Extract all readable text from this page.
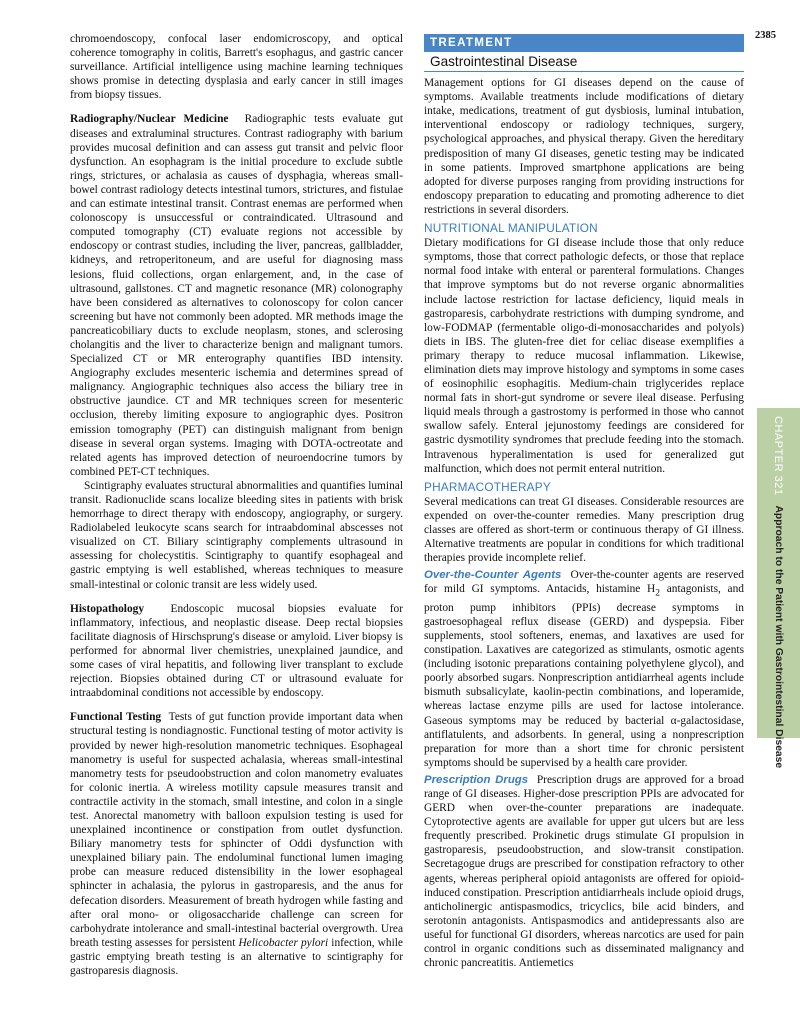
2385

chromoendoscopy, confocal laser endomicroscopy, and optical coherence tomography in colitis, Barrett's esophagus, and gastric cancer surveillance. Artificial intelligence using machine learning techniques shows promise in detecting dysplasia and early cancer in still images from biopsy tissues.

Radiography/Nuclear Medicine Radiographic tests evaluate gut diseases and extraluminal structures. Contrast radiography with barium provides mucosal definition and can assess gut transit and pelvic floor dysfunction. An esophagram is the initial procedure to exclude subtle rings, strictures, or achalasia as causes of dysphagia, whereas small-bowel contrast radiology detects intestinal tumors, strictures, and fistulae and can estimate intestinal transit. Contrast enemas are performed when colonoscopy is unsuccessful or contraindicated. Ultrasound and computed tomography (CT) evaluate regions not accessible by endoscopy or contrast studies, including the liver, pancreas, gallbladder, kidneys, and retroperitoneum, and are useful for diagnosing mass lesions, fluid collections, organ enlargement, and, in the case of ultrasound, gallstones. CT and magnetic resonance (MR) colonography have been considered as alternatives to colonoscopy for colon cancer screening but have not commonly been adopted. MR methods image the pancreaticobiliary ducts to exclude neoplasm, stones, and sclerosing cholangitis and the liver to characterize benign and malignant tumors. Specialized CT or MR enterography quantifies IBD intensity. Angiography excludes mesenteric ischemia and determines spread of malignancy. Angiographic techniques also access the biliary tree in obstructive jaundice. CT and MR techniques screen for mesenteric occlusion, thereby limiting exposure to angiographic dyes. Positron emission tomography (PET) can distinguish malignant from benign disease in several organ systems. Imaging with DOTA-octreotate and related agents has improved detection of neuroendocrine tumors by combined PET-CT techniques.

Scintigraphy evaluates structural abnormalities and quantifies luminal transit. Radionuclide scans localize bleeding sites in patients with brisk hemorrhage to direct therapy with endoscopy, angiography, or surgery. Radiolabeled leukocyte scans search for intraabdominal abscesses not visualized on CT. Biliary scintigraphy complements ultrasound in assessing for cholecystitis. Scintigraphy to quantify esophageal and gastric emptying is well established, whereas techniques to measure small-intestinal or colonic transit are less widely used.

Histopathology Endoscopic mucosal biopsies evaluate for inflammatory, infectious, and neoplastic disease. Deep rectal biopsies facilitate diagnosis of Hirschsprung's disease or amyloid. Liver biopsy is performed for abnormal liver chemistries, unexplained jaundice, and some cases of viral hepatitis, and following liver transplant to exclude rejection. Biopsies obtained during CT or ultrasound evaluate for intraabdominal conditions not accessible by endoscopy.

Functional Testing Tests of gut function provide important data when structural testing is nondiagnostic. Functional testing of motor activity is provided by newer high-resolution manometric techniques. Esophageal manometry is useful for suspected achalasia, whereas small-intestinal manometry tests for pseudoobstruction and colon manometry evaluates for colonic inertia. A wireless motility capsule measures transit and contractile activity in the stomach, small intestine, and colon in a single test. Anorectal manometry with balloon expulsion testing is used for unexplained incontinence or constipation from outlet dysfunction. Biliary manometry tests for sphincter of Oddi dysfunction with unexplained biliary pain. The endoluminal functional lumen imaging probe can measure reduced distensibility in the lower esophageal sphincter in achalasia, the pylorus in gastroparesis, and the anus for defecation disorders. Measurement of breath hydrogen while fasting and after oral mono- or oligosaccharide challenge can screen for carbohydrate intolerance and small-intestinal bacterial overgrowth. Urea breath testing assesses for persistent Helicobacter pylori infection, while gastric emptying breath testing is an alternative to scintigraphy for gastroparesis diagnosis.

TREATMENT
Gastrointestinal Disease

Management options for GI diseases depend on the cause of symptoms. Available treatments include modifications of dietary intake, medications, treatment of gut dysbiosis, luminal intubation, interventional endoscopy or radiology techniques, surgery, psychological approaches, and physical therapy. Given the hereditary predisposition of many GI diseases, genetic testing may be indicated in some patients. Improved smartphone applications are being adopted for diverse purposes ranging from providing instructions for endoscopy preparation to educating and promoting adherence to diet restrictions in several disorders.

NUTRITIONAL MANIPULATION

Dietary modifications for GI disease include those that only reduce symptoms, those that correct pathologic defects, or those that replace normal food intake with enteral or parenteral formulations. Changes that improve symptoms but do not reverse organic abnormalities include lactose restriction for lactase deficiency, liquid meals in gastroparesis, carbohydrate restrictions with dumping syndrome, and low-FODMAP (fermentable oligo-di-monosaccharides and polyols) diets in IBS. The gluten-free diet for celiac disease exemplifies a primary therapy to reduce mucosal inflammation. Likewise, elimination diets may improve histology and symptoms in some cases of eosinophilic esophagitis. Medium-chain triglycerides replace normal fats in short-gut syndrome or severe ileal disease. Perfusing liquid meals through a gastrostomy is performed in those who cannot swallow safely. Enteral jejunostomy feedings are considered for gastric dysmotility syndromes that preclude feeding into the stomach. Intravenous hyperalimentation is used for generalized gut malfunction, which does not permit enteral nutrition.

PHARMACOTHERAPY

Several medications can treat GI diseases. Considerable resources are expended on over-the-counter remedies. Many prescription drug classes are offered as short-term or continuous therapy of GI illness. Alternative treatments are popular in conditions for which traditional therapies provide incomplete relief.

Over-the-Counter Agents Over-the-counter agents are reserved for mild GI symptoms. Antacids, histamine $H_2$ antagonists, and proton pump inhibitors (PPIs) decrease symptoms in gastroesophageal reflux disease (GERD) and dyspepsia. Fiber supplements, stool softeners, enemas, and laxatives are used for constipation. Laxatives are categorized as stimulants, osmotic agents (including isotonic preparations containing polyethylene glycol), and poorly absorbed sugars. Nonprescription antidiarrheal agents include bismuth subsalicylate, kaolin-pectin combinations, and loperamide, whereas lactase enzyme pills are used for lactose intolerance. Gaseous symptoms may be reduced by bacterial α-galactosidase, antiflatulents, and adsorbents. In general, using a nonprescription preparation for more than a short time for chronic persistent symptoms should be supervised by a health care provider.

Prescription Drugs Prescription drugs are approved for a broad range of GI diseases. Higher-dose prescription PPIs are advocated for GERD when over-the-counter preparations are inadequate. Cytoprotective agents are available for upper gut ulcers but are less frequently prescribed. Prokinetic drugs stimulate GI propulsion in gastroparesis, pseudoobstruction, and slow-transit constipation. Secretagogue drugs are prescribed for constipation refractory to other agents, whereas peripheral opioid antagonists are offered for opioid-induced constipation. Prescription antidiarrheals include opioid drugs, anticholinergic antispasmodics, tricyclics, bile acid binders, and serotonin antagonists. Antispasmodics and antidepressants also are useful for functional GI disorders, whereas narcotics are used for pain control in organic conditions such as disseminated malignancy and chronic pancreatitis. Antiemetics

CHAPTER 321
Approach to the Patient with Gastrointestinal Disease
